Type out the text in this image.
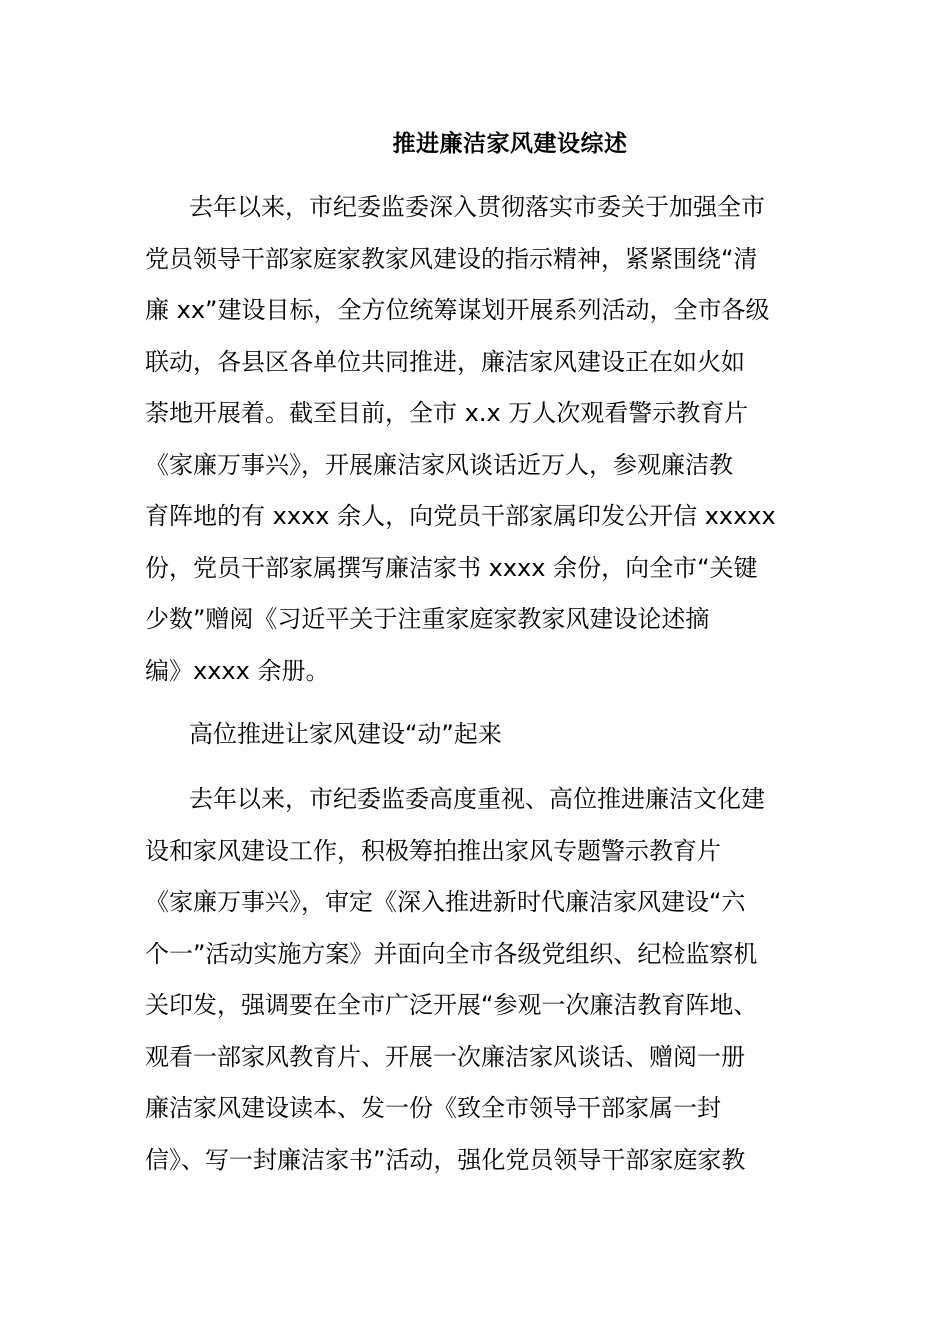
推进廉洁家风建设综述
去年以来，市纪委监委深入贯彻落实市委关于加强全市
党员领导干部家庭家教家风建设的指示精神，紧紧围绕“清
廉 xx”建设目标，全方位统筹谋划开展系列活动，全市各级
联动，各县区各单位共同推进，廉洁家风建设正在如火如
荼地开展着。截至目前，全市 x.x 万人次观看警示教育片
《家廉万事兴》，开展廉洁家风谈话近万人，参观廉洁教
育阵地的有 xxxx 余人，向党员干部家属印发公开信 xxxxx
份，党员干部家属撰写廉洁家书 xxxx 余份，向全市“关键
少数”赠阅《习近平关于注重家庭家教家风建设论述摘
编》xxxx 余册。
高位推进让家风建设“动”起来
去年以来，市纪委监委高度重视、高位推进廉洁文化建
设和家风建设工作，积极筹拍推出家风专题警示教育片
《家廉万事兴》，审定《深入推进新时代廉洁家风建设“六
个一”活动实施方案》并面向全市各级党组织、纪检监察机
关印发，强调要在全市广泛开展“参观一次廉洁教育阵地、
观看一部家风教育片、开展一次廉洁家风谈话、赠阅一册
廉洁家风建设读本、发一份《致全市领导干部家属一封
信》、写一封廉洁家书”活动，强化党员领导干部家庭家教
